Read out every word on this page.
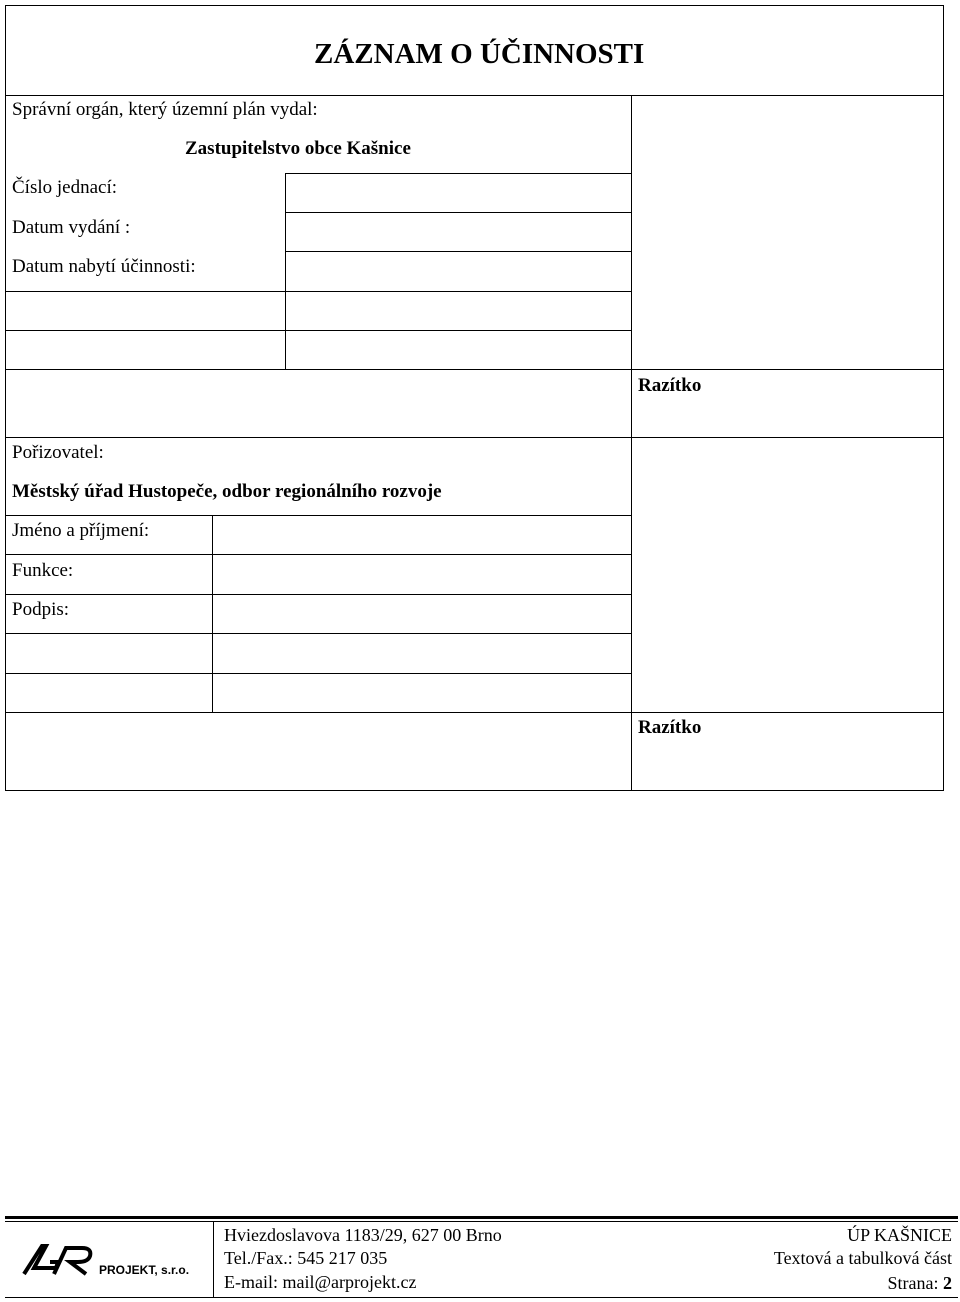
ZÁZNAM O ÚČINNOSTI
Správní orgán, který územní plán vydal:
Zastupitelstvo obce Kašnice
Číslo jednací:
Datum vydání :
Datum nabytí účinnosti:
Razítko
Pořizovatel:
Městský úřad Hustopeče, odbor regionálního rozvoje
Jméno a příjmení:
Funkce:
Podpis:
Razítko
PROJEKT, s.r.o.
Hviezdoslavova 1183/29, 627 00 Brno
Tel./Fax.: 545 217 035
E-mail: mail@arprojekt.cz
ÚP KAŠNICE
Textová a tabulková část
Strana: 2
